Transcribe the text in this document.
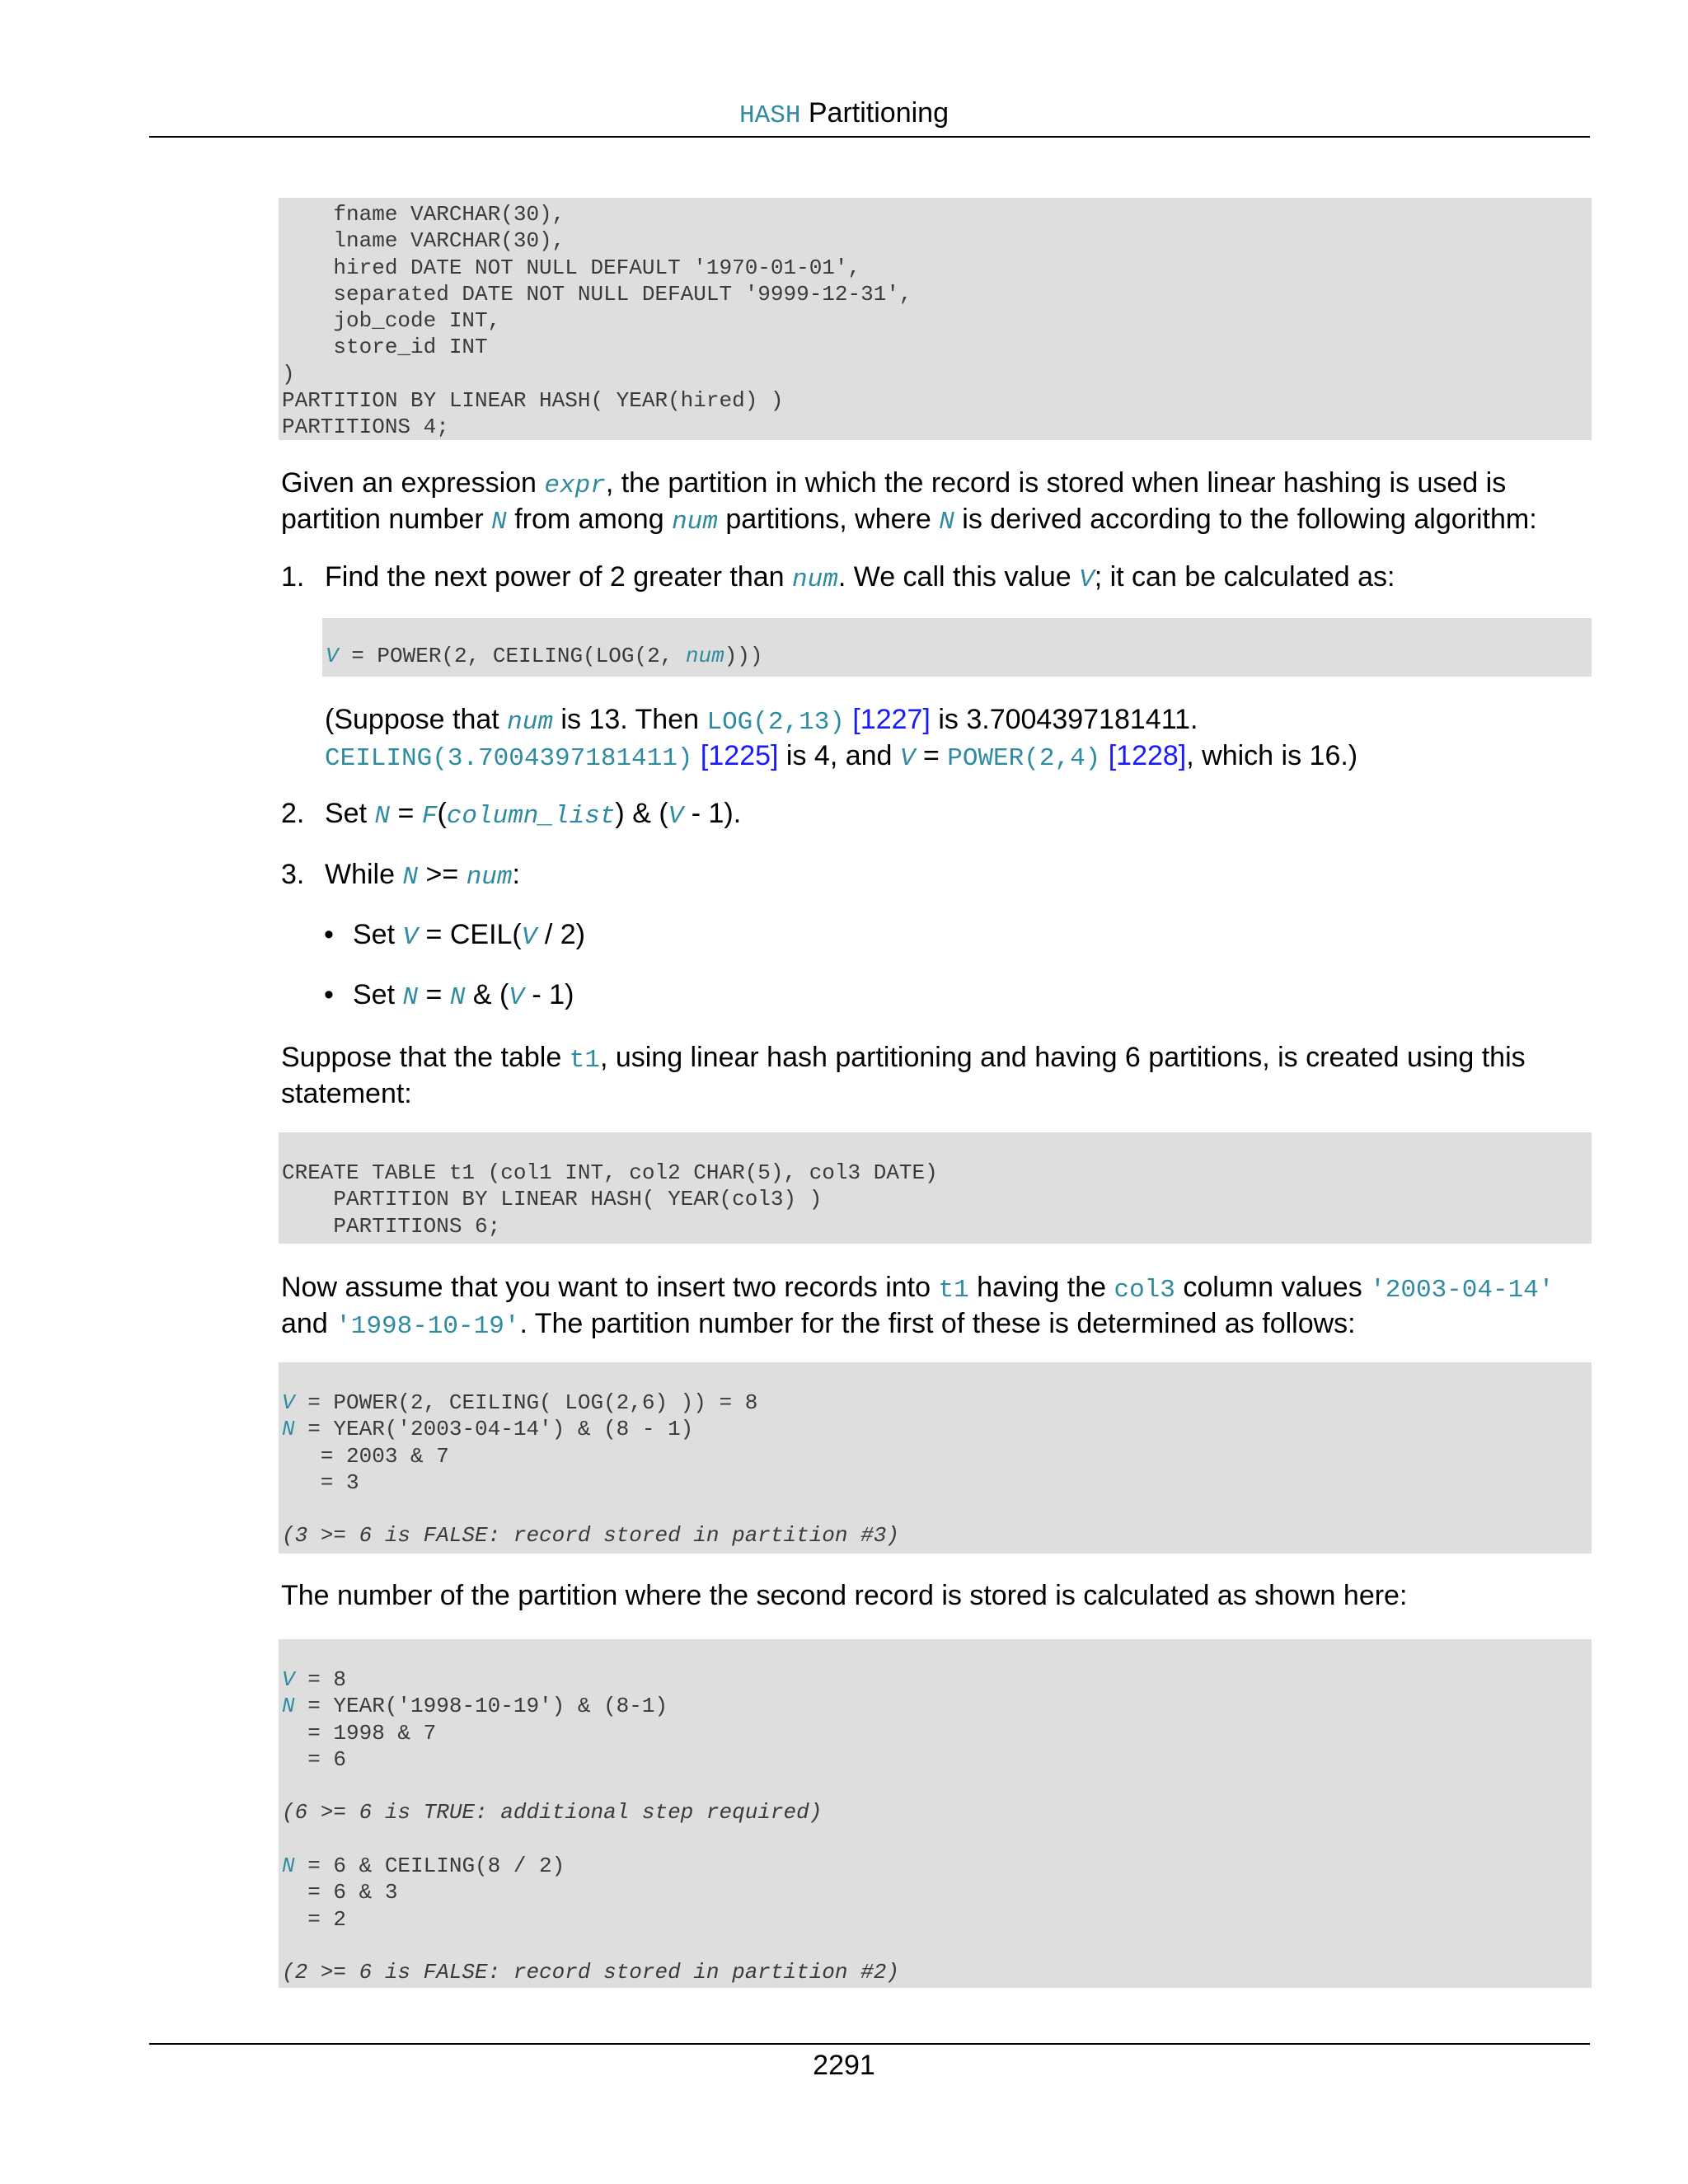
HASH Partitioning
fname VARCHAR(30),
lname VARCHAR(30),
hired DATE NOT NULL DEFAULT '1970-01-01',
separated DATE NOT NULL DEFAULT '9999-12-31',
job_code INT,
store_id INT
)
PARTITION BY LINEAR HASH( YEAR(hired) )
PARTITIONS 4;
Given an expression expr, the partition in which the record is stored when linear hashing is used is
partition number N from among num partitions, where N is derived according to the following algorithm:
1. Find the next power of 2 greater than num. We call this value V; it can be calculated as:
V = POWER(2, CEILING(LOG(2, num)))
(Suppose that num is 13. Then LOG(2,13) [1227] is 3.7004397181411.
CEILING(3.7004397181411) [1225] is 4, and V = POWER(2,4) [1228], which is 16.)
2. Set N = F(column_list) & (V - 1).
3. While N >= num:
• Set V = CEIL(V / 2)
• Set N = N & (V - 1)
Suppose that the table t1, using linear hash partitioning and having 6 partitions, is created using this
statement:
CREATE TABLE t1 (col1 INT, col2 CHAR(5), col3 DATE)
PARTITION BY LINEAR HASH( YEAR(col3) )
PARTITIONS 6;
Now assume that you want to insert two records into t1 having the col3 column values '2003-04-14'
and '1998-10-19'. The partition number for the first of these is determined as follows:
V = POWER(2, CEILING( LOG(2,6) )) = 8
N = YEAR('2003-04-14') & (8 - 1)
= 2003 & 7
= 3

(3 >= 6 is FALSE: record stored in partition #3)
The number of the partition where the second record is stored is calculated as shown here:
V = 8
N = YEAR('1998-10-19') & (8-1)
= 1998 & 7
= 6

(6 >= 6 is TRUE: additional step required)

N = 6 & CEILING(8 / 2)
= 6 & 3
= 2

(2 >= 6 is FALSE: record stored in partition #2)
2291
